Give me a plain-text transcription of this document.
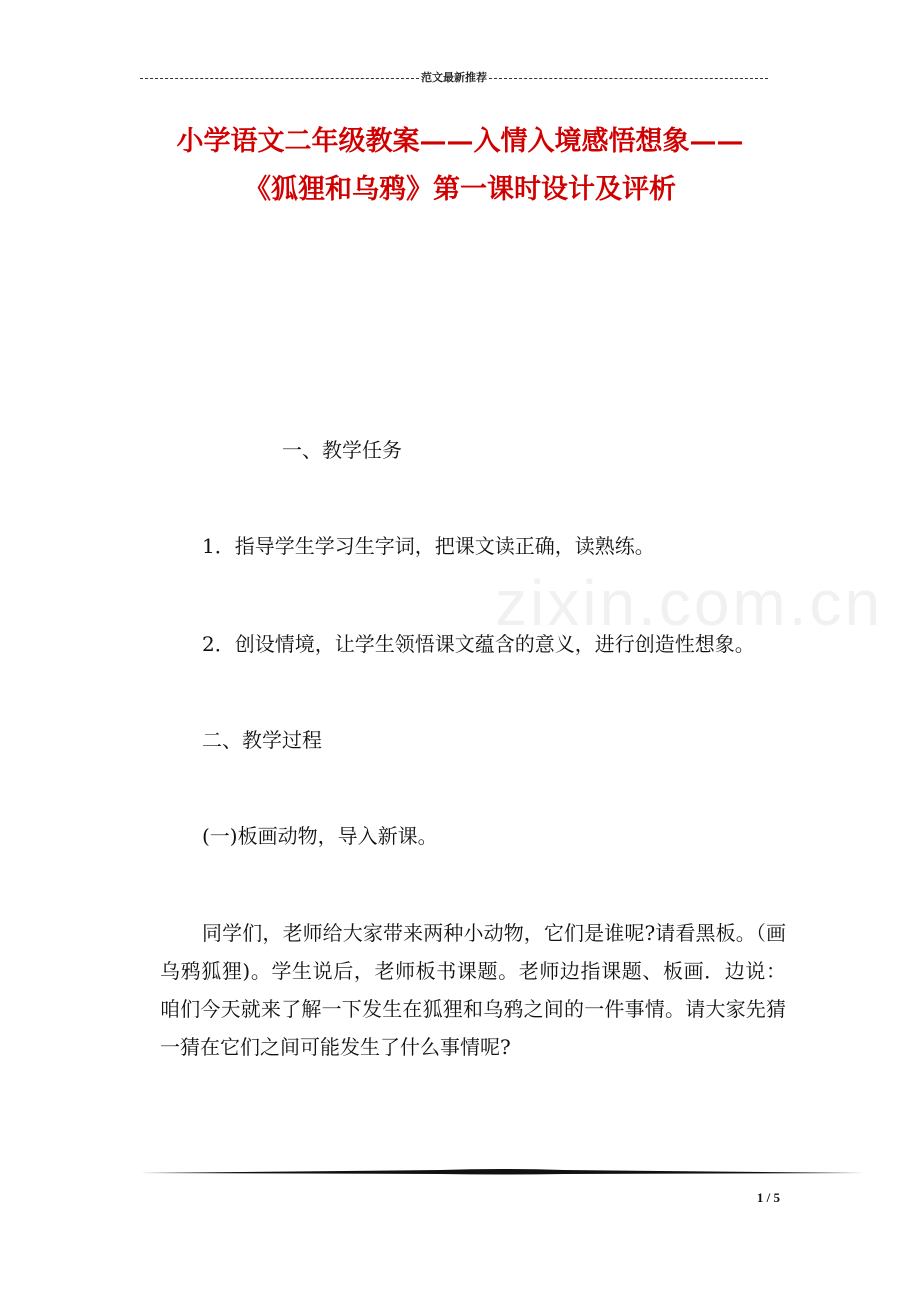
范文最新推荐
小学语文二年级教案——入情入境感悟想象——
《狐狸和乌鸦》第一课时设计及评析
zixin.com.cn
一、教学任务
1．指导学生学习生字词，把课文读正确，读熟练。
2．创设情境，让学生领悟课文蕴含的意义，进行创造性想象。
二、教学过程
(一)板画动物，导入新课。
同学们，老师给大家带来两种小动物，它们是谁呢?请看黑板。（画乌鸦狐狸)。学生说后，老师板书课题。老师边指课题、板画．边说：咱们今天就来了解一下发生在狐狸和乌鸦之间的一件事情。请大家先猜一猜在它们之间可能发生了什么事情呢?
1 / 5
